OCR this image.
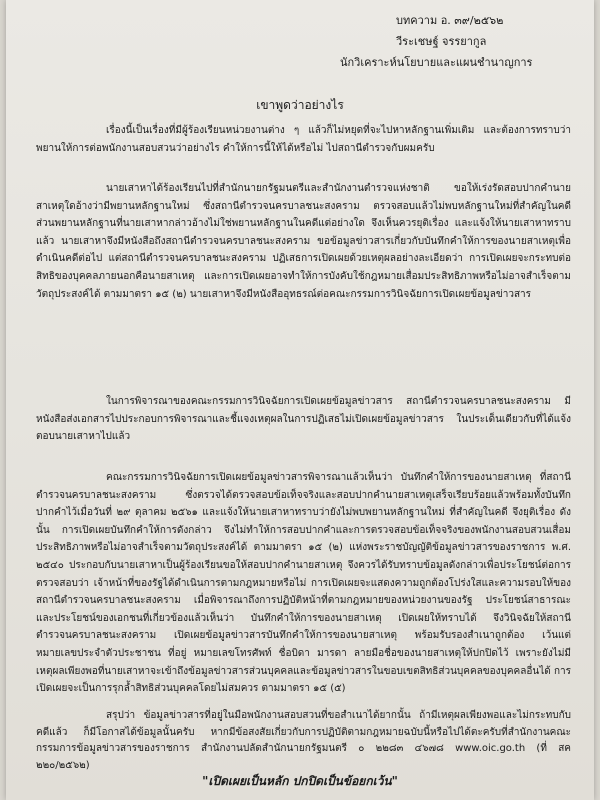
บทความ อ. ๓๙/๒๕๖๒
วีระเชษฐ์ จรรยากูล
นักวิเคราะห์นโยบายและแผนชำนาญการ
เขาพูดว่าอย่างไร

เรื่องนี้เป็นเรื่องที่มีผู้ร้องเรียนหน่วยงานต่าง ๆ แล้วก็ไม่หยุดที่จะไปหาหลักฐานเพิ่มเติม และต้องการทราบว่า พยานให้การต่อพนักงานสอบสวนว่าอย่างไร คำให้การนี้ให้ได้หรือไม่ ไปสถานีตำรวจกับผมครับ

นายเสาหาได้ร้องเรียนไปที่สำนักนายกรัฐมนตรีและสำนักงานตำรวจแห่งชาติ ขอให้เร่งรัดสอบปากคำนายสาเหตุใดอ้างว่ามีพยานหลักฐานใหม่ ซึ่งสถานีตำรวจนครบาลชนะสงคราม ตรวจสอบแล้วไม่พบหลักฐานใหม่ที่สำคัญในคดี ส่วนพยานหลักฐานที่นายเสาหากล่าวอ้างไม่ใช่พยานหลักฐานในคดีแต่อย่างใด จึงเห็นควรยุติเรื่อง และแจ้งให้นายเสาหาทราบแล้ว นายเสาหาจึงมีหนังสือถึงสถานีตำรวจนครบาลชนะสงคราม ขอข้อมูลข่าวสารเกี่ยวกับบันทึกคำให้การของนายสาเหตุเพื่อดำเนินคดีต่อไป แต่สถานีตำรวจนครบาลชนะสงคราม ปฏิเสธการเปิดเผยด้วยเหตุผลอย่างละเอียดว่า การเปิดเผยจะกระทบต่อสิทธิของบุคคลภายนอกคือนายสาเหตุ และการเปิดเผยอาจทำให้การบังคับใช้กฎหมายเสื่อมประสิทธิภาพหรือไม่อาจสำเร็จตามวัตถุประสงค์ได้ ตามมาตรา ๑๕ (๒) นายเสาหาจึงมีหนังสืออุทธรณ์ต่อคณะกรรมการวินิจฉัยการเปิดเผยข้อมูลข่าวสาร

ในการพิจารณาของคณะกรรมการวินิจฉัยการเปิดเผยข้อมูลข่าวสาร สถานีตำรวจนครบาลชนะสงคราม มีหนังสือส่งเอกสารไปประกอบการพิจารณาและชี้แจงเหตุผลในการปฏิเสธไม่เปิดเผยข้อมูลข่าวสาร ในประเด็นเดียวกับที่ได้แจ้งตอบนายเสาหาไปแล้ว

คณะกรรมการวินิจฉัยการเปิดเผยข้อมูลข่าวสารพิจารณาแล้วเห็นว่า บันทึกคำให้การของนายสาเหตุ ที่สถานีตำรวจนครบาลชนะสงคราม ซึ่งตรวจได้ตรวจสอบข้อเท็จจริงและสอบปากคำนายสาเหตุเสร็จเรียบร้อยแล้วพร้อมทั้งบันทึกปากคำไว้เมื่อวันที่ ๒๙ ตุลาคม ๒๕๖๑ และแจ้งให้นายเสาหาทราบว่ายังไม่พบพยานหลักฐานใหม่ ที่สำคัญในคดี จึงยุติเรื่อง ดังนั้น การเปิดเผยบันทึกคำให้การดังกล่าว จึงไม่ทำให้การสอบปากคำและการตรวจสอบข้อเท็จจริงของพนักงานสอบสวนเสื่อมประสิทธิภาพหรือไม่อาจสำเร็จตามวัตถุประสงค์ได้ ตามมาตรา ๑๕ (๒) แห่งพระราชบัญญัติข้อมูลข่าวสารของราชการ พ.ศ. ๒๕๔๐ ประกอบกับนายเสาหาเป็นผู้ร้องเรียนขอให้สอบปากคำนายสาเหตุ จึงควรได้รับทราบข้อมูลดังกล่าวเพื่อประโยชน์ต่อการตรวจสอบว่า เจ้าหน้าที่ของรัฐได้ดำเนินการตามกฎหมายหรือไม่ การเปิดเผยจะแสดงความถูกต้องโปร่งใสและความรอบให้ของสถานีตำรวจนครบาลชนะสงคราม เมื่อพิจารณาถึงการปฏิบัติหน้าที่ตามกฎหมายของหน่วยงานของรัฐ ประโยชน์สาธารณะ และประโยชน์ของเอกชนที่เกี่ยวข้องแล้วเห็นว่า บันทึกคำให้การของนายสาเหตุ เปิดเผยให้ทราบได้ จึงวินิจฉัยให้สถานีตำรวจนครบาลชนะสงคราม เปิดเผยข้อมูลข่าวสารบันทึกคำให้การของนายสาเหตุ พร้อมรับรองสำเนาถูกต้อง เว้นแต่ หมายเลขประจำตัวประชาชน ที่อยู่ หมายเลขโทรศัพท์ ชื่อบิดา มารดา ลายมือชื่อของนายสาเหตุให้ปกปิดไว้ เพราะยังไม่มีเหตุผลเพียงพอที่นายเสาหาจะเข้าถึงข้อมูลข่าวสารส่วนบุคคลและข้อมูลข่าวสารในขอบเขตสิทธิส่วนบุคคลของบุคคลอื่นได้ การเปิดเผยจะเป็นการรุกล้ำสิทธิส่วนบุคคลโดยไม่สมควร ตามมาตรา ๑๕ (๕)

สรุปว่า ข้อมูลข่าวสารที่อยู่ในมือพนักงานสอบสวนที่ขอสำเนาได้ยากนั้น ถ้ามีเหตุผลเพียงพอและไม่กระทบกับคดีแล้ว ก็มีโอกาสได้ข้อมูลนั้นครับ หากมีข้อสงสัยเกี่ยวกับการปฏิบัติตามกฎหมายฉบับนี้หรือไปได้ตะครับที่สำนักงานคณะกรรมการข้อมูลข่าวสารของราชการ สำนักงานปลัดสำนักนายกรัฐมนตรี ๐ ๒๒๘๓ ๔๖๗๘ www.oic.go.th (ที่ สค ๒๒๐/๒๕๖๒)

"เปิดเผยเป็นหลัก ปกปิดเป็นข้อยกเว้น"
